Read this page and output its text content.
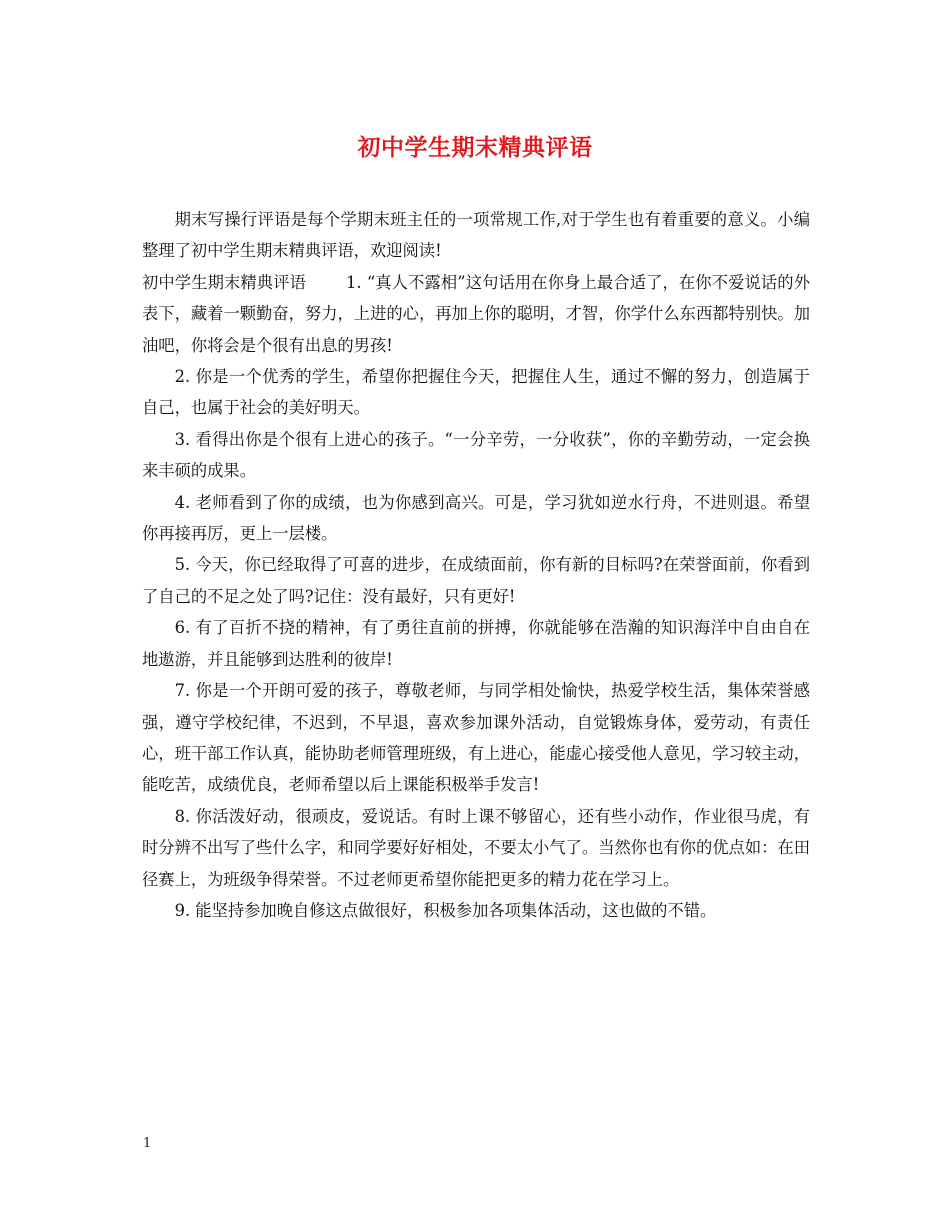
初中学生期末精典评语

期末写操行评语是每个学期末班主任的一项常规工作,对于学生也有着重要的意义。小编整理了初中学生期末精典评语，欢迎阅读!

初中学生期末精典评语 1. “真人不露相”这句话用在你身上最合适了，在你不爱说话的外表下，藏着一颗勤奋，努力，上进的心，再加上你的聪明，才智，你学什么东西都特别快。加油吧，你将会是个很有出息的男孩!

2. 你是一个优秀的学生，希望你把握住今天，把握住人生，通过不懈的努力，创造属于自己，也属于社会的美好明天。

3. 看得出你是个很有上进心的孩子。“一分辛劳，一分收获”，你的辛勤劳动，一定会换来丰硕的成果。

4. 老师看到了你的成绩，也为你感到高兴。可是，学习犹如逆水行舟，不进则退。希望你再接再厉，更上一层楼。

5. 今天，你已经取得了可喜的进步，在成绩面前，你有新的目标吗?在荣誉面前，你看到了自己的不足之处了吗?记住：没有最好，只有更好!

6. 有了百折不挠的精神，有了勇往直前的拼搏，你就能够在浩瀚的知识海洋中自由自在地遨游，并且能够到达胜利的彼岸!

7. 你是一个开朗可爱的孩子，尊敬老师，与同学相处愉快，热爱学校生活，集体荣誉感强，遵守学校纪律，不迟到，不早退，喜欢参加课外活动，自觉锻炼身体，爱劳动，有责任心，班干部工作认真，能协助老师管理班级，有上进心，能虚心接受他人意见，学习较主动，能吃苦，成绩优良，老师希望以后上课能积极举手发言!

8. 你活泼好动，很顽皮，爱说话。有时上课不够留心，还有些小动作，作业很马虎，有时分辨不出写了些什么字，和同学要好好相处，不要太小气了。当然你也有你的优点如：在田径赛上，为班级争得荣誉。不过老师更希望你能把更多的精力花在学习上。

9. 能坚持参加晚自修这点做很好，积极参加各项集体活动，这也做的不错。

1
